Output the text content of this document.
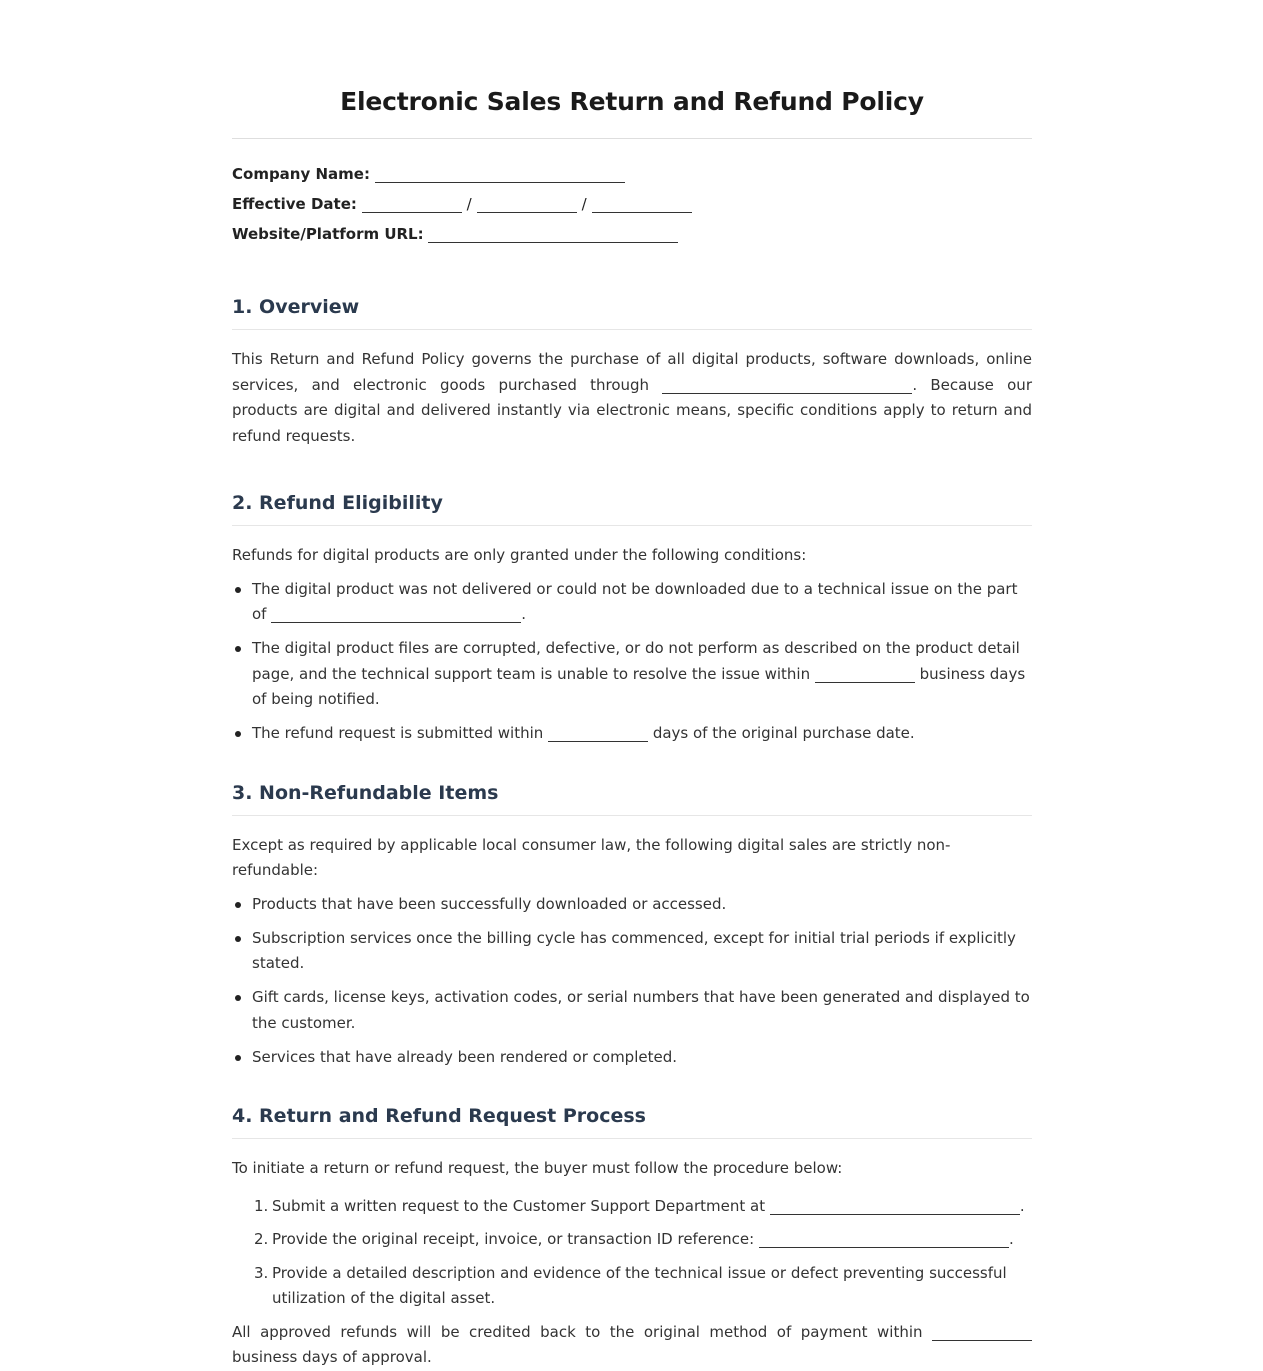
Electronic Sales Return and Refund Policy
Company Name:
Effective Date:	/	/
Website/Platform URL:
1. Overview

This Return and Refund Policy governs the purchase of all digital products, software downloads, online services, and electronic goods purchased through	. Because our products are digital and delivered instantly via electronic means, specific conditions apply to return and refund requests.

2. Refund Eligibility

Refunds for digital products are only granted under the following conditions:

The digital product was not delivered or could not be downloaded due to a technical issue on the part of	.
The digital product files are corrupted, defective, or do not perform as described on the product detail page, and the technical support team is unable to resolve the issue within	business days of being notified.
The refund request is submitted within	days of the original purchase date.
3. Non-Refundable Items

Except as required by applicable local consumer law, the following digital sales are strictly non-refundable:

Products that have been successfully downloaded or accessed.
Subscription services once the billing cycle has commenced, except for initial trial periods if explicitly stated.
Gift cards, license keys, activation codes, or serial numbers that have been generated and displayed to the customer.
Services that have already been rendered or completed.
4. Return and Refund Request Process

To initiate a return or refund request, the buyer must follow the procedure below:

1. Submit a written request to the Customer Support Department at	.
2. Provide the original receipt, invoice, or transaction ID reference:	.
3. Provide a detailed description and evidence of the technical issue or defect preventing successful utilization of the digital asset.

All approved refunds will be credited back to the original method of payment within  business days of approval.
